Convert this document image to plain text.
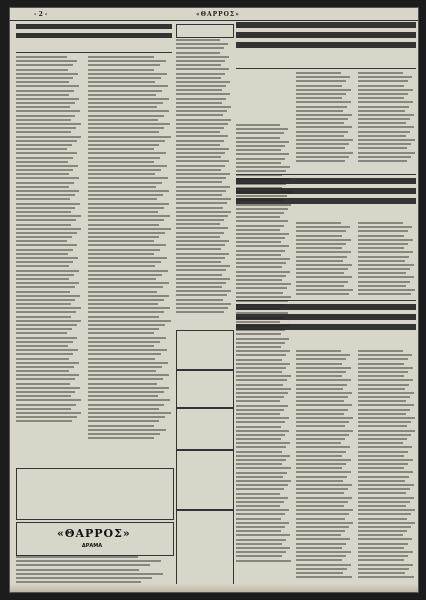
- 2 -	«ΘΑΡΡΟΣ»
«ΘΑΡΡΟΣ»
ΔΡΑΜΑ
